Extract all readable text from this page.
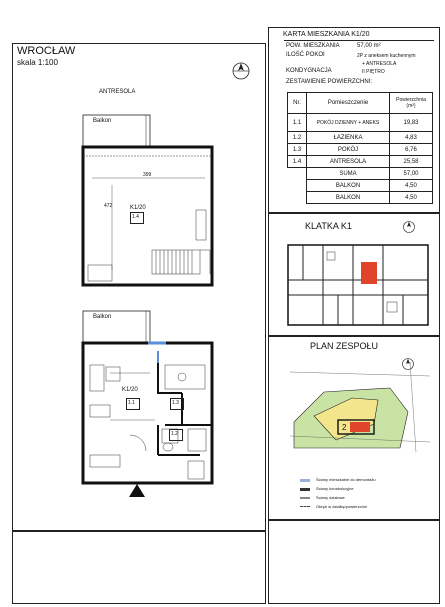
WROCŁAW
skala 1:100
ANTRESOLA
Balkon
399
472	K1/20
1.4
Balkon
K1/20
1.1	1.3
1.2
KARTA MIESZKANIA K1/20
POW. MIESZKANIA	57,00 m²
ILOŚĆ POKOI	2P z aneksem kuchennym
+ ANTRESOLA
KONDYGNACJA	II PIĘTRO
ZESTAWIENIE POWIERZCHNI:
Nr.	Pomieszczenie	Powierzchnia (m²)
1.1	POKÓJ DZIENNY + ANEKS	19,83
1.2	ŁAZIENKA	4,83
1.3	POKÓJ	6,76
1.4	ANTRESOLA	25,58
	SUMA	57,00
	BALKON	4,50
	BALKON	4,50
KLATKA K1
PLAN ZESPOŁU
2
Ściany mieszkalne do demontażu
Ściany konstrukcyjne
Ściany działowe
Obręb w działkę/powierzchni
